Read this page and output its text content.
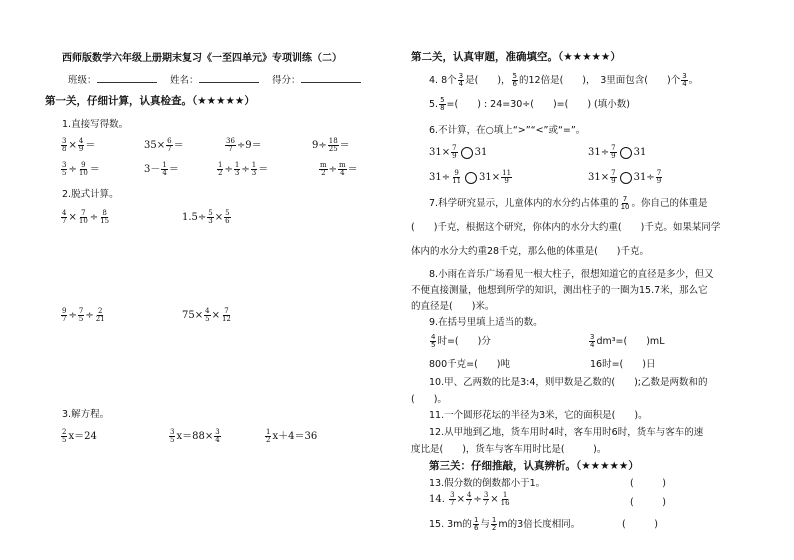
西师版数学六年级上册期末复习《一至四单元》专项训练（二）
班级：	姓名：	得分：
第一关，仔细计算，认真检查。（★★★★★）
1.直接写得数。
$\frac{3}{8} \times \frac{4}{9}$ ＝	$35\times \frac{6}{7}$ ＝	$\frac{36}{7} \div 9=$	$9\div \frac{18}{25}$ ＝
$\frac{3}{5} \div \frac{9}{10}$ ＝	$3- \frac{1}{4}$ ＝	$\frac{1}{2} \div \frac{1}{3} \div \frac{1}{3}$ ＝	$\frac{m}{2} \div \frac{m}{4}$ ＝
2.脱式计算。
$\frac{4}{7} \times \frac{7}{10} \div \frac{8}{15}$	$1.5\div \frac{5}{3} \times \frac{5}{6}$
$\frac{9}{7} \div \frac{7}{5} \div \frac{2}{21}$	$75\times \frac{4}{5} \times \frac{7}{12}$
3.解方程。
$\frac{2}{5} x=24$	$\frac{3}{5} x=88\times \frac{3}{4}$	$\frac{1}{2} x+4=36$
第二关，认真审题，准确填空。（★★★★★）
4. 8个 $\frac{3}{4}$ 是(　　)， $\frac{5}{6}$ 的12倍是(　　)，　3里面包含(　　)个 $\frac{3}{4}$ 。
5. $\frac{5}{8}$ =(　　) : 24=30÷(　　)=(　　) (填小数)
6.不计算，在○填上“>”“<”或“=”。
$31\times \frac{7}{9} 31$	$31\div \frac{7}{9} 31$
$31\div \frac{9}{11} 31\times \frac{11}{9}$	$31\times \frac{7}{9} 31\div \frac{7}{9}$
7.科学研究显示，儿童体内的水分约占体重的 $\frac{7}{10}$ 。你自己的体重是
(　　)千克，根据这个研究，你体内的水分大约重(　　)千克。如果某同学
体内的水分大约重28千克，那么他的体重是(　　)千克。
8.小雨在音乐广场看见一根大柱子，很想知道它的直径是多少，但又
不便直接测量，他想到所学的知识，测出柱子的一圈为15.7米，那么它
的直径是(　　)米。
9.在括号里填上适当的数。
$\frac{4}{5}$ 时=(　　)分	$\frac{3}{4} dm^3=$(　　)mL
800千克=(　　)吨	16时=(　　)日
10.甲、乙两数的比是3:4，则甲数是乙数的(　　);乙数是两数和的
(　　)。
11.一个圆形花坛的半径为3米，它的面积是(　　)。
12.从甲地到乙地，货车用时4时，客车用时6时，货车与客车的速
度比是(　　)，货车与客车用时比是(　　　)。
第三关：仔细推敲，认真辨析。（★★★★★）
13.假分数的倒数都小于1。	(　　　)
14. $\frac{3}{7} \times \frac{4}{7} \div \frac{3}{7} \times \frac{1}{16}$	(　　　)
15. 3m的 $\frac{1}{6}$ 与 $\frac{1}{2}$ m的3倍长度相同。	(　　　)
